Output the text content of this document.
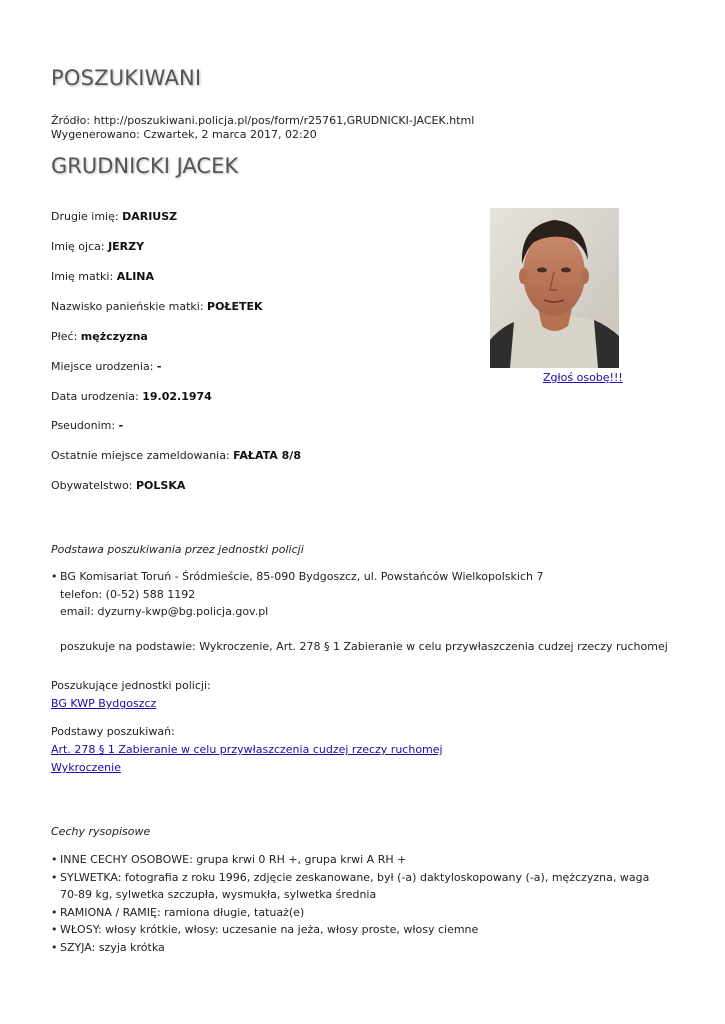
POSZUKIWANI
Źródło: http://poszukiwani.policja.pl/pos/form/r25761,GRUDNICKI-JACEK.html
Wygenerowano: Czwartek, 2 marca 2017, 02:20
GRUDNICKI JACEK
Drugie imię: DARIUSZ
Imię ojca: JERZY
Imię matki: ALINA
Nazwisko panieńskie matki: POŁETEK
Płeć: mężczyzna
Miejsce urodzenia: -
Data urodzenia: 19.02.1974
Pseudonim: -
Ostatnie miejsce zameldowania: FAŁATA 8/8
Obywatelstwo: POLSKA
Zgłoś osobę!!!
Podstawa poszukiwania przez jednostki policji
• BG Komisariat Toruń - Śródmieście, 85-090 Bydgoszcz, ul. Powstańców Wielkopolskich 7
telefon: (0-52) 588 1192
email: dyzurny-kwp@bg.policja.gov.pl
poszukuje na podstawie: Wykroczenie, Art. 278 § 1 Zabieranie w celu przywłaszczenia cudzej rzeczy ruchomej
Poszukujące jednostki policji:
BG KWP Bydgoszcz
Podstawy poszukiwań:
Art. 278 § 1 Zabieranie w celu przywłaszczenia cudzej rzeczy ruchomej
Wykroczenie
Cechy rysopisowe
• INNE CECHY OSOBOWE: grupa krwi 0 RH +, grupa krwi A RH +
• SYLWETKA: fotografia z roku 1996, zdjęcie zeskanowane, był (-a) daktyloskopowany (-a), mężczyzna, waga 70-89 kg, sylwetka szczupła, wysmukła, sylwetka średnia
• RAMIONA / RAMIĘ: ramiona długie, tatuaż(e)
• WŁOSY: włosy krótkie, włosy: uczesanie na jeża, włosy proste, włosy ciemne
• SZYJA: szyja krótka
